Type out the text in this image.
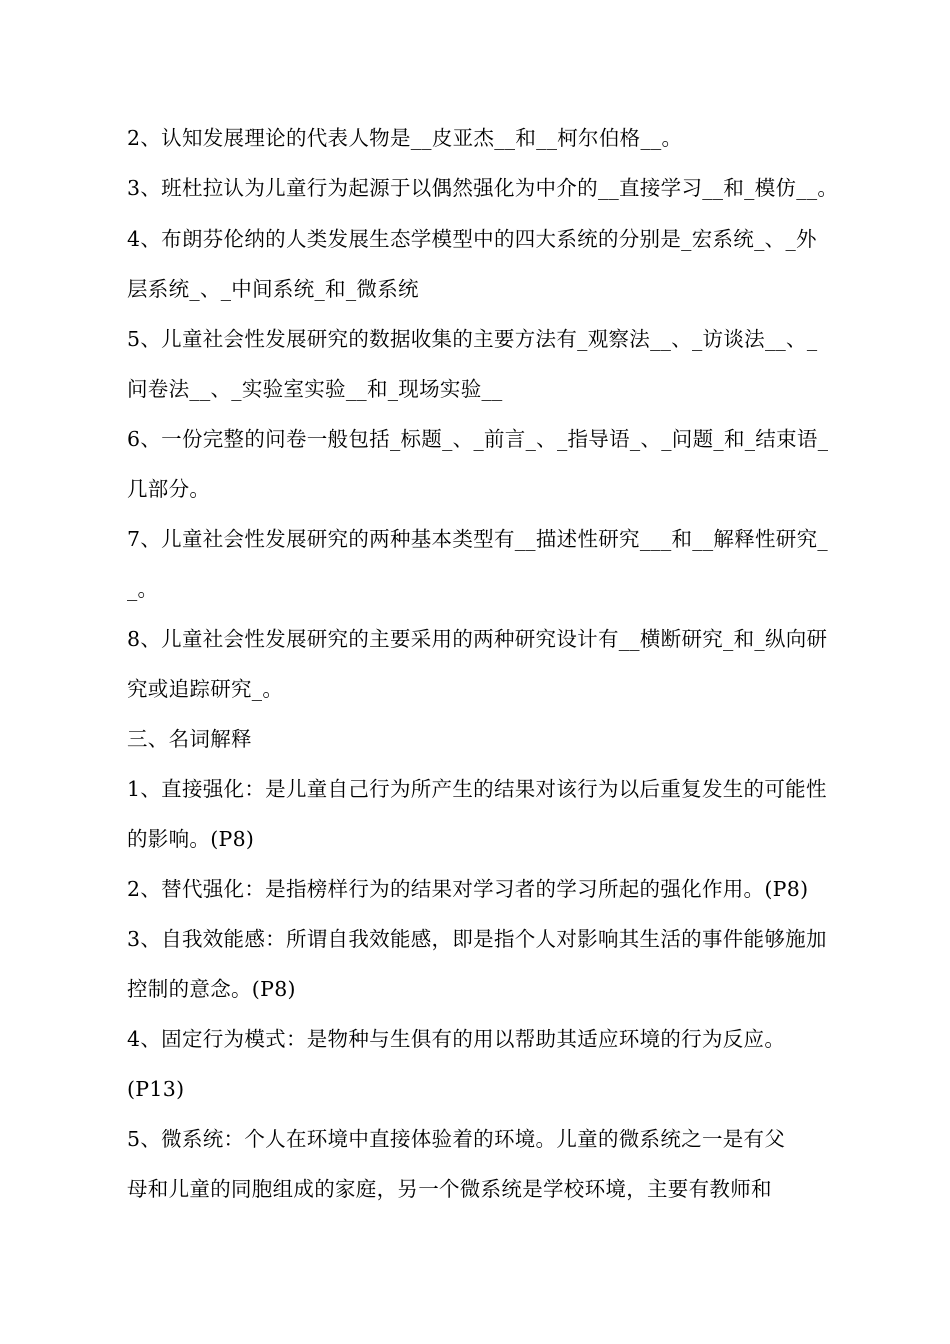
2、认知发展理论的代表人物是__皮亚杰__和__柯尔伯格__。
3、班杜拉认为儿童行为起源于以偶然强化为中介的__直接学习__和_模仿__。
4、布朗芬伦纳的人类发展生态学模型中的四大系统的分别是_宏系统_、_外
层系统_、_中间系统_和_微系统
5、儿童社会性发展研究的数据收集的主要方法有_观察法__、_访谈法__、_
问卷法__、_实验室实验__和_现场实验__
6、一份完整的问卷一般包括_标题_、_前言_、_指导语_、_问题_和_结束语_
几部分。
7、儿童社会性发展研究的两种基本类型有__描述性研究___和__解释性研究_
_。
8、儿童社会性发展研究的主要采用的两种研究设计有__横断研究_和_纵向研
究或追踪研究_。
三、名词解释
1、直接强化：是儿童自己行为所产生的结果对该行为以后重复发生的可能性
的影响。(P8)
2、替代强化：是指榜样行为的结果对学习者的学习所起的强化作用。(P8)
3、自我效能感：所谓自我效能感，即是指个人对影响其生活的事件能够施加
控制的意念。(P8)
4、固定行为模式：是物种与生俱有的用以帮助其适应环境的行为反应。
(P13)
5、微系统：个人在环境中直接体验着的环境。儿童的微系统之一是有父
母和儿童的同胞组成的家庭，另一个微系统是学校环境，主要有教师和
